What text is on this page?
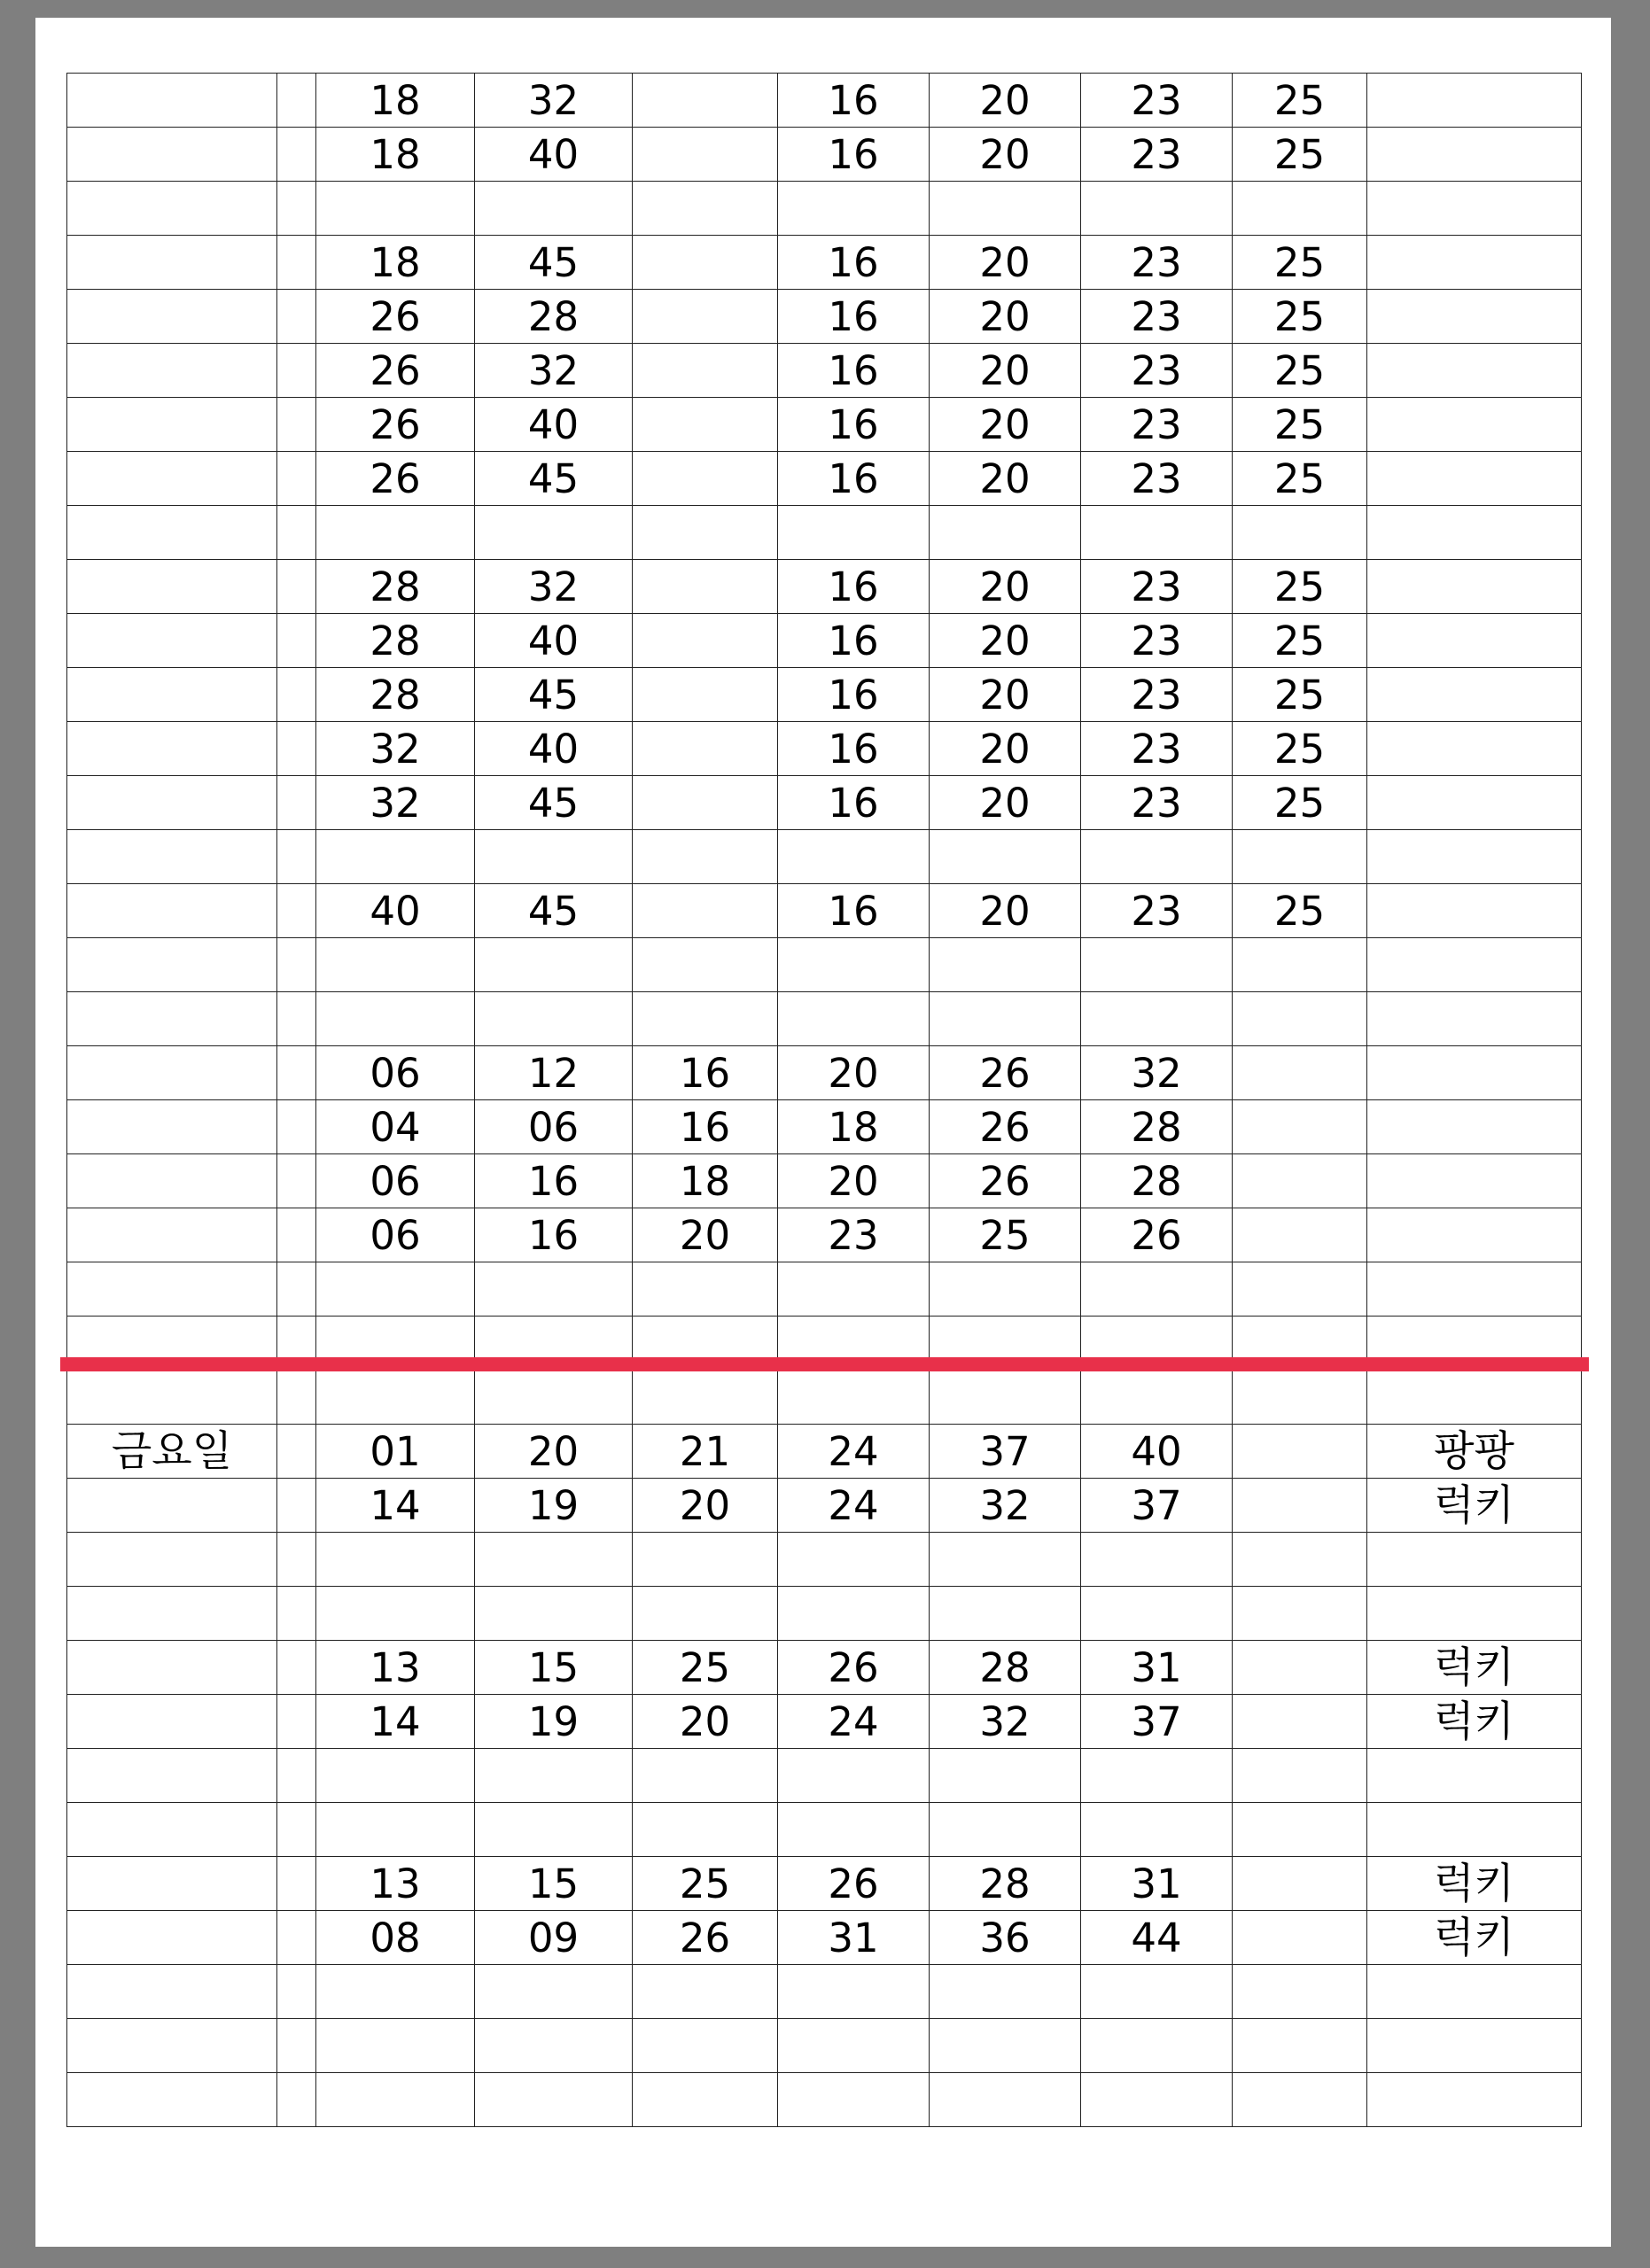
		18	32		16	20	23	25	
		18	40		16	20	23	25	

		18	45		16	20	23	25	
		26	28		16	20	23	25	
		26	32		16	20	23	25	
		26	40		16	20	23	25	
		26	45		16	20	23	25	

		28	32		16	20	23	25	
		28	40		16	20	23	25	
		28	45		16	20	23	25	
		32	40		16	20	23	25	
		32	45		16	20	23	25	

		40	45		16	20	23	25	

		06	12	16	20	26	32		
		04	06	16	18	26	28		
		06	16	18	20	26	28		
		06	16	20	23	25	26		

금요일		01	20	21	24	37	40		팡팡
		14	19	20	24	32	37		럭키

		13	15	25	26	28	31		럭키
		14	19	20	24	32	37		럭키

		13	15	25	26	28	31		럭키
		08	09	26	31	36	44		럭키
